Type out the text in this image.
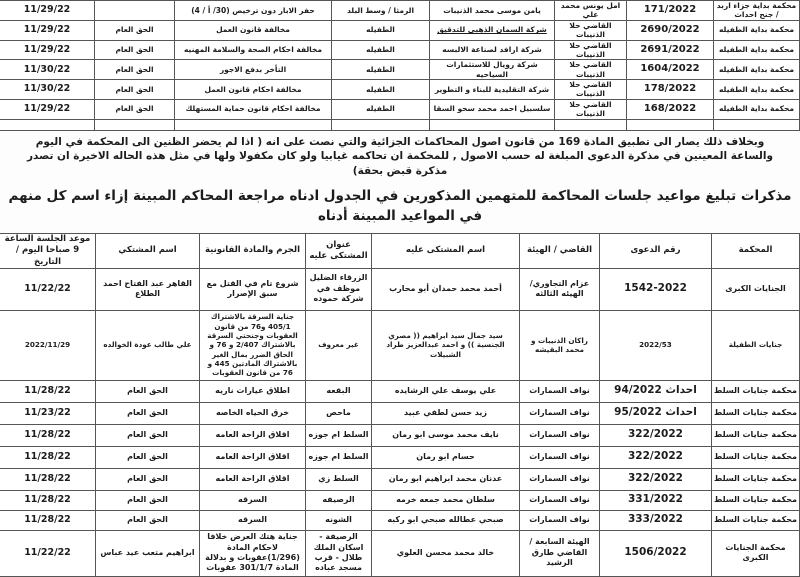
محكمة بداية جزاء اربد / جنح احداث	171/2022	امل يونس محمد علي	يامن موسى محمد الذنيبات	الرمثا / وسط البلد	حفر الابار دون ترخيص (30/ أ / 4)		11/29/22
محكمة بداية الطفيله	2690/2022	القاضي حلا الذنيبات	شركة السمان الذهبي للتدقيق	الطفيله	مخالفة قانون العمل	الحق العام	11/29/22
محكمة بداية الطفيله	2691/2022	القاضي حلا الذنيبات	شركة ارافد لصناعة الالبسه	الطفيله	مخالفة احكام الصحة والسلامة المهنيه	الحق العام	11/29/22
محكمة بداية الطفيله	1604/2022	القاضي حلا الذنيبات	شركة رويال للاستثمارات السياحيه	الطفيله	التأخر بدفع الاجور	الحق العام	11/30/22
محكمة بداية الطفيله	178/2022	القاضي حلا الذنيبات	شركة التقليدية للبناء و التطوير	الطفيله	مخالفة احكام قانون العمل	الحق العام	11/30/22
محكمة بداية الطفيله	168/2022	القاضي حلا الذنيبات	سلسبيل احمد محمد سحو السقا	الطفيله	مخالفة احكام قانون حماية المستهلك	الحق العام	11/29/22

وبخلاف ذلك يصار الى تطبيق المادة 169 من قانون اصول المحاكمات الجزائية والتي نصت على انه ( اذا لم يحضر الظنين الى المحكمة في اليوم والساعة المعينين في مذكرة الدعوى المبلغة له حسب الاصول , للمحكمة ان تحاكمه غيابيا ولو كان مكفولا ولها في مثل هذه الحاله الاخيرة ان تصدر مذكرة قبض بحقة)
مذكرات تبليغ مواعيد جلسات المحاكمة للمتهمين المذكورين في الجدول ادناه مراجعة المحاكم المبينة إزاء اسم كل منهم في المواعيد المبينة أدناه
المحكمة	رقم الدعوى	القاضي / الهيئة	اسم المشتكى عليه	عنوان المشتكى عليه	الجرم والمادة القانونية	اسم المشتكي	موعد الجلسة الساعة 9 صباحا اليوم / التاريخ
الجنايات الكبرى	1542-2022	عزام التجاوري/الهيئه الثالثه	أحمد محمد حمدان أبو محارب	الزرقاء الضليل موظف في شركة حموده	شروع تام في القتل مع سبق الإصرار	القاهر عبد الفتاح احمد الطلاع	11/22/22
جنايات الطفيلة	2022/53	راكان الذنيبات و محمد البقيشه	سيد جمال سيد ابراهيم (( مصري الجنسية )) و احمد عبدالعزيز طراد الشبيلات	غير معروف	جناية السرقة بالاشتراك 405/1 و76 من قانون العقوبات وجنحتي السرقة بالاشتراك 2/407 و 76 و الحاق الضرر بمال الغير بالاشتراك المادتين 445 و 76 من قانون العقوبات	علي طالب عودة الخوالده	2022/11/29
محكمة جنايات السلط	احداث 94/2022	نواف السمارات	علي يوسف علي الرشايده	البقعه	اطلاق عيارات ناريه	الحق العام	11/28/22
محكمة جنايات السلط	احداث 95/2022	نواف السمارات	زيد حسن لطفي عبيد	ماحص	خرق الحياه الخاصه	الحق العام	11/23/22
محكمة جنايات السلط	322/2022	نواف السمارات	نايف محمد موسى ابو رمان	السلط ام جوزه	اقلاق الراحة العامه	الحق العام	11/28/22
محكمة جنايات السلط	322/2022	نواف السمارات	حسام ابو رمان	السلط ام جوزه	اقلاق الراحة العامه	الحق العام	11/28/22
محكمة جنايات السلط	322/2022	نواف السمارات	عدنان محمد ابراهيم ابو رمان	السلط زي	اقلاق الراحة العامه	الحق العام	11/28/22
محكمة جنايات السلط	331/2022	نواف السمارات	سلطان محمد جمعه خرمه	الرصيفه	السرقه	الحق العام	11/28/22
محكمة جنايات السلط	333/2022	نواف السمارات	صبحي عطالله صبحي ابو ركبه	الشونه	السرقه	الحق العام	11/28/22
محكمة الجنايات الكبرى	1506/2022	الهيئة السابعة / القاضي طارق الرشيد	خالد محمد محسن العلوي	الرصيفة - اسكان الملك طلال - قرب مسجد عباده	جناية هتك العرض خلافا لاحكام المادة (1/296)عقوبات و بدلالة المادة 301/1/7 عقوبات	ابراهيم متعب عيد عباس	11/22/22
